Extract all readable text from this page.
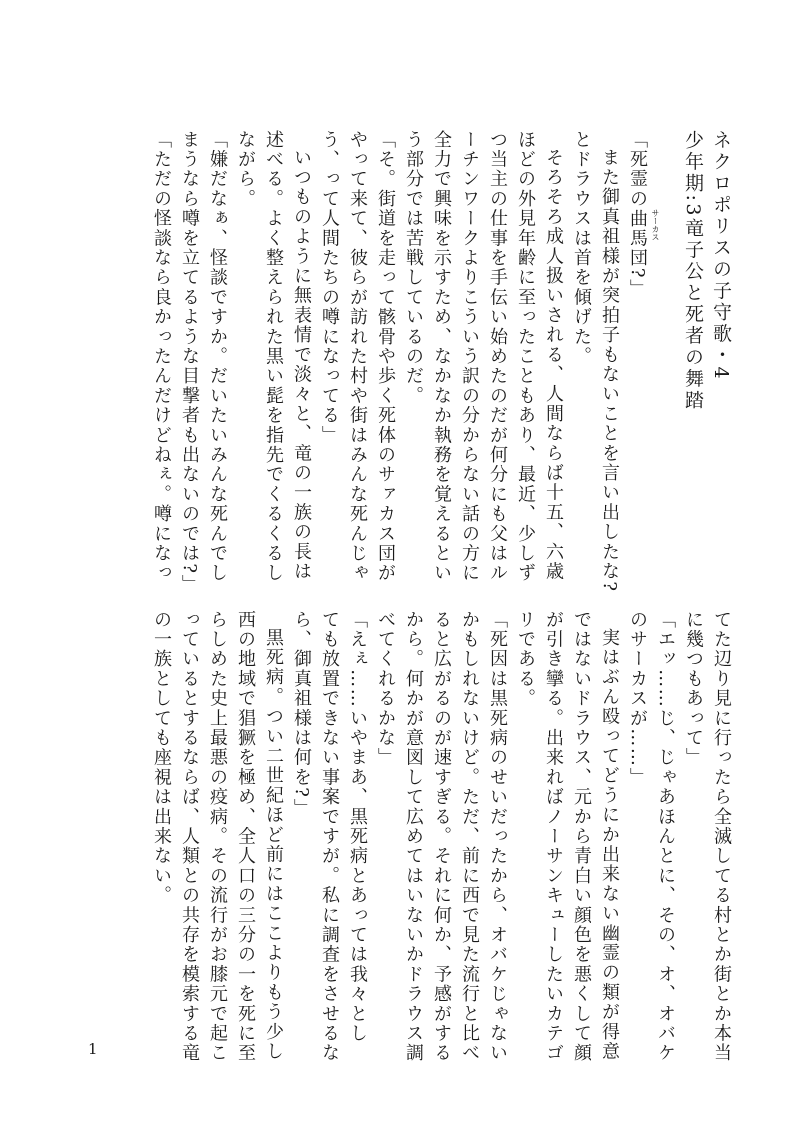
ネクロポリスの子守歌・4
少年期:3竜子公と死者の舞踏

「死霊の曲馬団 サーカス
?」
また御真祖様が突拍子もないことを言い出したな?
とドラウスは首を傾げた。
そろそろ成人扱いされる、人間ならば十五、六歳
ほどの外見年齢に至ったこともあり、最近、少しず
つ当主の仕事を手伝い始めたのだが何分にも父はル
ーチンワークよりこういう訳の分からない話の方に
全力で興味を示すため、なかなか執務を覚えるとい
う部分では苦戦しているのだ。
「そ。街道を走って骸骨や歩く死体のサァカス団が
やって来て、彼らが訪れた村や街はみんな死んじゃ
う、って人間たちの噂になってる」
いつものように無表情で淡々と、竜の一族の長は
述べる。よく整えられた黒い髭を指先でくるくるし
ながら。
「嫌だなぁ、怪談ですか。だいたいみんな死んでし
まうなら噂を立てるような目撃者も出ないのでは?」
「ただの怪談なら良かったんだけどねぇ。噂になっ
てた辺り見に行ったら全滅してる村とか街とか本当
に幾つもあって」
「エッ……じ、じゃあほんとに、その、オ、オバケ
のサーカスが……」
実はぶん殴ってどうにか出来ない幽霊の類が得意
ではないドラウス、元から青白い顔色を悪くして顔
が引き攣る。出来ればノーサンキューしたいカテゴ
リである。
「死因は黒死病のせいだったから、オバケじゃない
かもしれないけど。ただ、前に西で見た流行と比べ
ると広がるのが速すぎる。それに何か、予感がする
から。何かが意図して広めてはいないかドラウス調
べてくれるかな」
「えぇ……いやまあ、黒死病とあっては我々とし
ても放置できない事案ですが。私に調査をさせるな
ら、御真祖様は何を?」
黒死病。つい二世紀ほど前にはここよりもう少し
西の地域で猖獗を極め、全人口の三分の一を死に至
らしめた史上最悪の疫病。その流行がお膝元で起こ
っているとするならば、人類との共存を模索する竜
の一族としても座視は出来ない。
1
